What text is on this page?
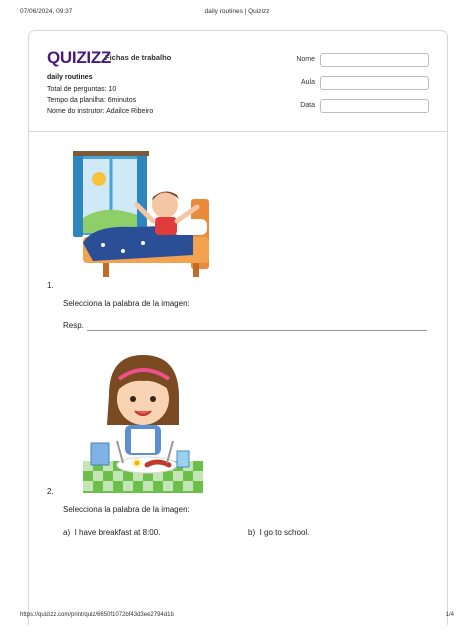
07/06/2024, 09:37	daily routines | Quizizz
QUIZIZZ
Fichas de trabalho
daily routines
Total de perguntas: 10
Tempo da planilha: 6minutos
Nome do instrutor: Adailce Ribeiro
Nome
Aula
Data
1.
Selecciona la palabra de la imagen:
Resp.
2.
Selecciona la palabra de la imagen:
a) I have breakfast at 8:00.	b) I go to school.
https://quizizz.com/print/quiz/6650f1072bf43d3ee2794d1b	1/4
